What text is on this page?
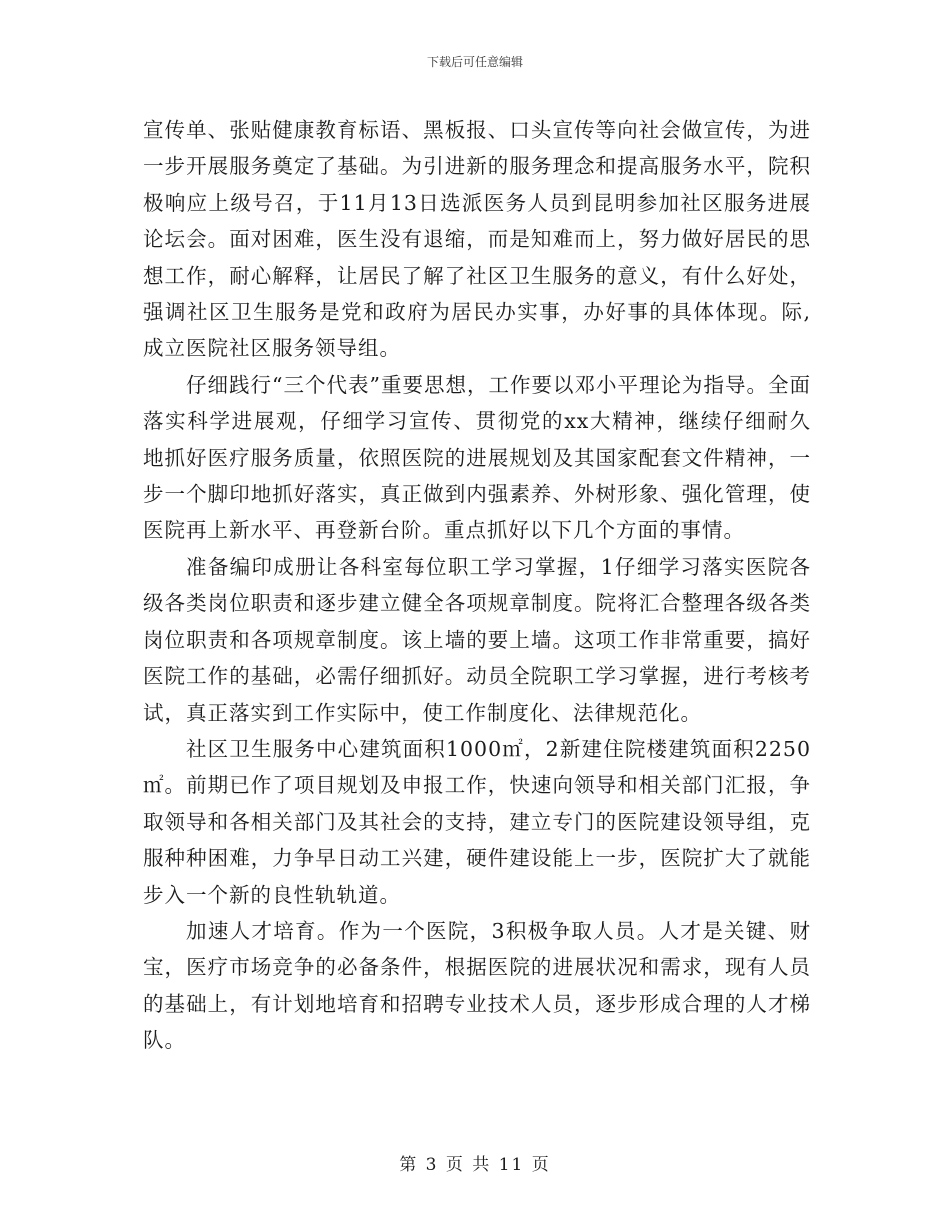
下载后可任意编辑

宣传单、张贴健康教育标语、黑板报、口头宣传等向社会做宣传，为进一步开展服务奠定了基础。为引进新的服务理念和提高服务水平，院积极响应上级号召，于11月13日选派医务人员到昆明参加社区服务进展论坛会。面对困难，医生没有退缩，而是知难而上，努力做好居民的思想工作，耐心解释，让居民了解了社区卫生服务的意义，有什么好处，强调社区卫生服务是党和政府为居民办实事，办好事的具体体现。际,成立医院社区服务领导组。

仔细践行“三个代表”重要思想，工作要以邓小平理论为指导。全面落实科学进展观，仔细学习宣传、贯彻党的xx大精神，继续仔细耐久地抓好医疗服务质量，依照医院的进展规划及其国家配套文件精神，一步一个脚印地抓好落实，真正做到内强素养、外树形象、强化管理，使医院再上新水平、再登新台阶。重点抓好以下几个方面的事情。

准备编印成册让各科室每位职工学习掌握，1仔细学习落实医院各级各类岗位职责和逐步建立健全各项规章制度。院将汇合整理各级各类岗位职责和各项规章制度。该上墙的要上墙。这项工作非常重要，搞好医院工作的基础，必需仔细抓好。动员全院职工学习掌握，进行考核考试，真正落实到工作实际中，使工作制度化、法律规范化。

社区卫生服务中心建筑面积1000㎡，2新建住院楼建筑面积2250㎡。前期已作了项目规划及申报工作，快速向领导和相关部门汇报，争取领导和各相关部门及其社会的支持，建立专门的医院建设领导组，克服种种困难，力争早日动工兴建，硬件建设能上一步，医院扩大了就能步入一个新的良性轨轨道。

加速人才培育。作为一个医院，3积极争取人员。人才是关键、财宝，医疗市场竞争的必备条件，根据医院的进展状况和需求，现有人员的基础上，有计划地培育和招聘专业技术人员，逐步形成合理的人才梯队。

第 3 页 共 11 页
